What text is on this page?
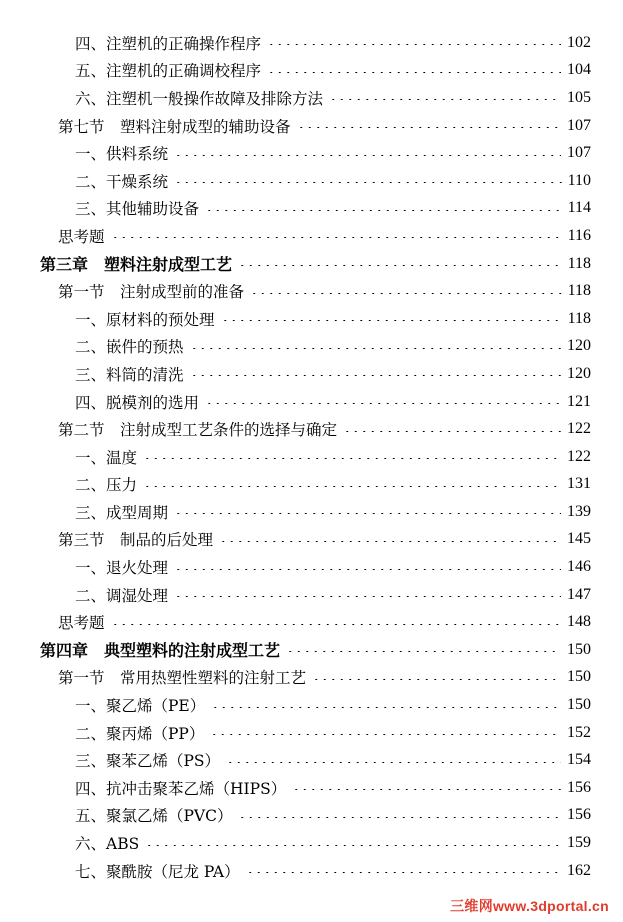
四、注塑机的正确操作程序	102
五、注塑机的正确调校程序	104
六、注塑机一般操作故障及排除方法	105
第七节　塑料注射成型的辅助设备	107
一、供料系统	107
二、干燥系统	110
三、其他辅助设备	114
思考题	116
第三章　塑料注射成型工艺	118
第一节　注射成型前的准备	118
一、原材料的预处理	118
二、嵌件的预热	120
三、料筒的清洗	120
四、脱模剂的选用	121
第二节　注射成型工艺条件的选择与确定	122
一、温度	122
二、压力	131
三、成型周期	139
第三节　制品的后处理	145
一、退火处理	146
二、调湿处理	147
思考题	148
第四章　典型塑料的注射成型工艺	150
第一节　常用热塑性塑料的注射工艺	150
一、聚乙烯（PE）	150
二、聚丙烯（PP）	152
三、聚苯乙烯（PS）	154
四、抗冲击聚苯乙烯（HIPS）	156
五、聚氯乙烯（PVC）	156
六、ABS	159
七、聚酰胺（尼龙 PA）	162
三维网www.3dportal.cn
